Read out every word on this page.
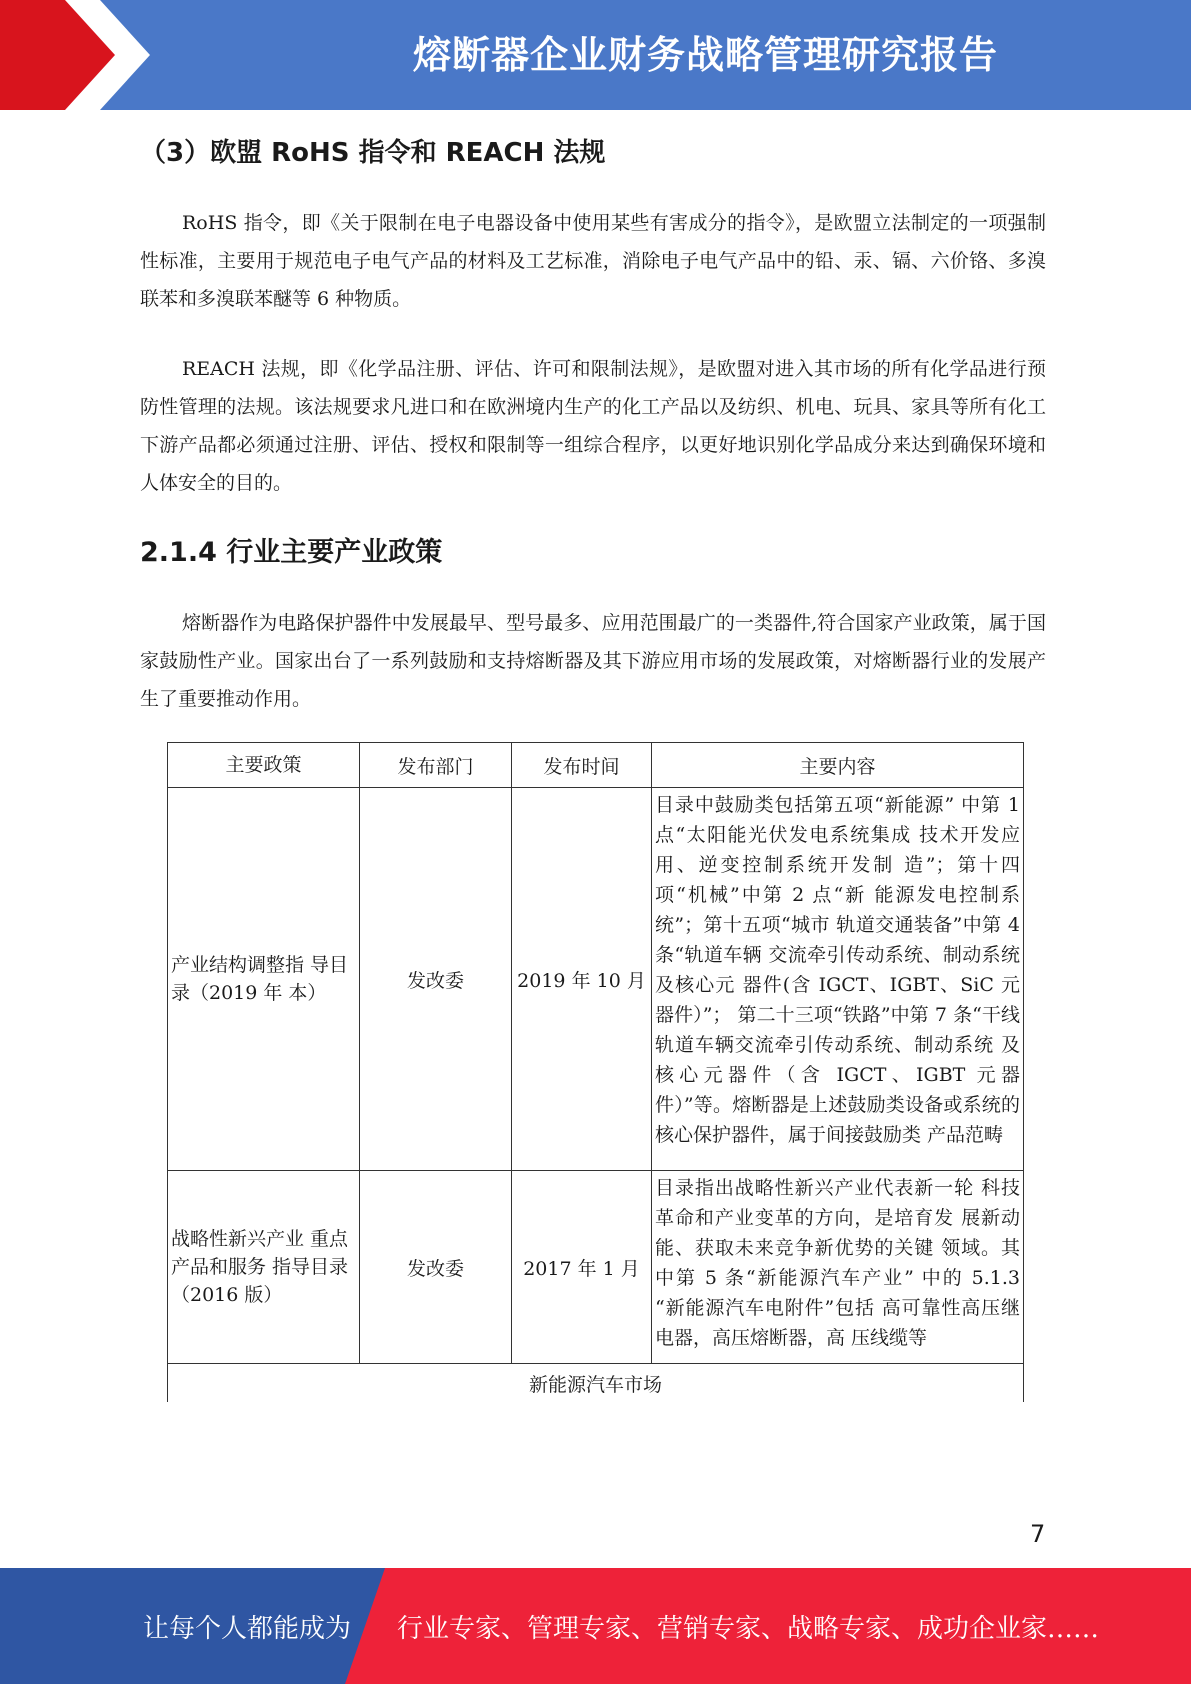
熔断器企业财务战略管理研究报告
（3）欧盟 RoHS 指令和 REACH 法规

RoHS 指令，即《关于限制在电子电器设备中使用某些有害成分的指令》，是欧盟立法制定的一项强制性标准，主要用于规范电子电气产品的材料及工艺标准，消除电子电气产品中的铅、汞、镉、六价铬、多溴联苯和多溴联苯醚等 6 种物质。

REACH 法规，即《化学品注册、评估、许可和限制法规》，是欧盟对进入其市场的所有化学品进行预防性管理的法规。该法规要求凡进口和在欧洲境内生产的化工产品以及纺织、机电、玩具、家具等所有化工下游产品都必须通过注册、评估、授权和限制等一组综合程序，以更好地识别化学品成分来达到确保环境和人体安全的目的。

2.1.4 行业主要产业政策

熔断器作为电路保护器件中发展最早、型号最多、应用范围最广的一类器件,符合国家产业政策，属于国家鼓励性产业。国家出台了一系列鼓励和支持熔断器及其下游应用市场的发展政策，对熔断器行业的发展产生了重要推动作用。

主要政策	发布部门	发布时间	主要内容
产业结构调整指 导目录（2019 年 本）	发改委	2019 年 10 月	目录中鼓励类包括第五项“新能源” 中第 1 点“太阳能光伏发电系统集成 技术开发应用、逆变控制系统开发制 造”；第十四项“机械”中第 2 点“新 能源发电控制系统”；第十五项“城市 轨道交通装备”中第 4 条“轨道车辆 交流牵引传动系统、制动系统及核心元 器件(含 IGCT、IGBT、SiC 元器件）”； 第二十三项“铁路”中第 7 条“干线 轨道车辆交流牵引传动系统、制动系统 及核心元器件（含 IGCT、IGBT 元器 件）”等。熔断器是上述鼓励类设备或系统的核心保护器件，属于间接鼓励类 产品范畴
战略性新兴产业 重点产品和服务 指导目录（2016 版）	发改委	2017 年 1 月	目录指出战略性新兴产业代表新一轮 科技革命和产业变革的方向，是培育发 展新动能、获取未来竞争新优势的关键 领域。其中第 5 条“新能源汽车产业” 中的 5.1.3 “新能源汽车电附件”包括 高可靠性高压继电器，高压熔断器，高 压线缆等
新能源汽车市场			
7
让每个人都能成为 行业专家、管理专家、营销专家、战略专家、成功企业家……
